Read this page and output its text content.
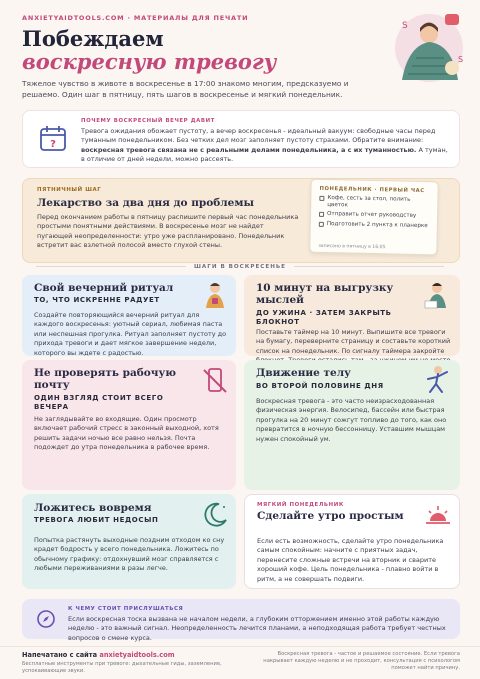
ANXIETYAIDTOOLS.COM · МАТЕРИАЛЫ ДЛЯ ПЕЧАТИ
Побеждаем
воскресную тревогу
Тяжелое чувство в животе в воскресенье в 17:00 знакомо многим, предсказуемо и решаемо. Один шаг в пятницу, пять шагов в воскресенье и мягкий понедельник.
S
S
?
ПОЧЕМУ ВОСКРЕСНЫЙ ВЕЧЕР ДАВИТ
Тревога ожидания обожает пустоту, а вечер воскресенья - идеальный вакуум: свободные часы перед туманным понедельником. Без четких дел мозг заполняет пустоту страхами. Обратите внимание: воскресная тревога связана не с реальными делами понедельника, а с их туманностью. А туман, в отличие от дней недели, можно рассеять.
ПЯТНИЧНЫЙ ШАГ
Лекарство за два дня до проблемы
Перед окончанием работы в пятницу распишите первый час понедельника простыми понятными действиями. В воскресенье мозг не найдет пугающей неопределенности: утро уже распланировано. Понедельник встретит вас взлетной полосой вместо глухой стены.
ПОНЕДЕЛЬНИК · ПЕРВЫЙ ЧАС
Кофе, сесть за стол, полить цветок
Отправить отчет руководству
Подготовить 2 пункта к планерке
записано в пятницу в 16:05
ШАГИ В ВОСКРЕСЕНЬЕ
Свой вечерний ритуал
ТО, ЧТО ИСКРЕННЕ РАДУЕТ
Создайте повторяющийся вечерний ритуал для каждого воскресенья: уютный сериал, любимая паста или неспешная прогулка. Ритуал заполняет пустоту до прихода тревоги и дает мягкое завершение недели, которого вы ждете с радостью.
10 минут на выгрузку мыслей
ДО УЖИНА · ЗАТЕМ ЗАКРЫТЬ БЛОКНОТ
Поставьте таймер на 10 минут. Выпишите все тревоги на бумагу, переверните страницу и составьте короткий список на понедельник. По сигналу таймера закройте
Не проверять рабочую почту
ОДИН ВЗГЛЯД СТОИТ ВСЕГО ВЕЧЕРА
Не заглядывайте во входящие. Один просмотр включает рабочий стресс в законный выходной, хотя решить задачи ночью все равно нельзя. Почта подождет до утра понедельника в рабочее время.
Движение телу
ВО ВТОРОЙ ПОЛОВИНЕ ДНЯ
Воскресная тревога - это часто неизрасходованная физическая энергия. Велосипед, бассейн или быстрая прогулка на 20 минут сожгут топливо до того, как оно превратится в ночную бессонницу. Уставшим мышцам нужен спокойный ум.
Ложитесь вовремя
ТРЕВОГА ЛЮБИТ НЕДОСЫП
Попытка растянуть выходные поздним отходом ко сну крадет бодрость у всего понедельника. Ложитесь по обычному графику: отдохнувший мозг справляется с любыми переживаниями в разы легче.
МЯГКИЙ ПОНЕДЕЛЬНИК
Сделайте утро простым
Если есть возможность, сделайте утро понедельника самым спокойным: начните с приятных задач, перенесите сложные встречи на вторник и сварите хороший кофе. Цель понедельника - плавно войти в ритм, а не совершать подвиги.
К ЧЕМУ СТОИТ ПРИСЛУШАТЬСЯ
Если воскресная тоска вызвана не началом недели, а глубоким отторжением именно этой работы каждую неделю - это важный сигнал. Неопределенность лечится планами, а неподходящая работа требует честных вопросов о смене курса.
Напечатано с сайта anxietyaidtools.com
Бесплатные инструменты при тревоге: дыхательные гиды, заземление, успокаивающие звуки.
Воскресная тревога - частое и решаемое состояние. Если тревога накрывает каждую неделю и не проходит, консультация с психологом поможет найти причину.
